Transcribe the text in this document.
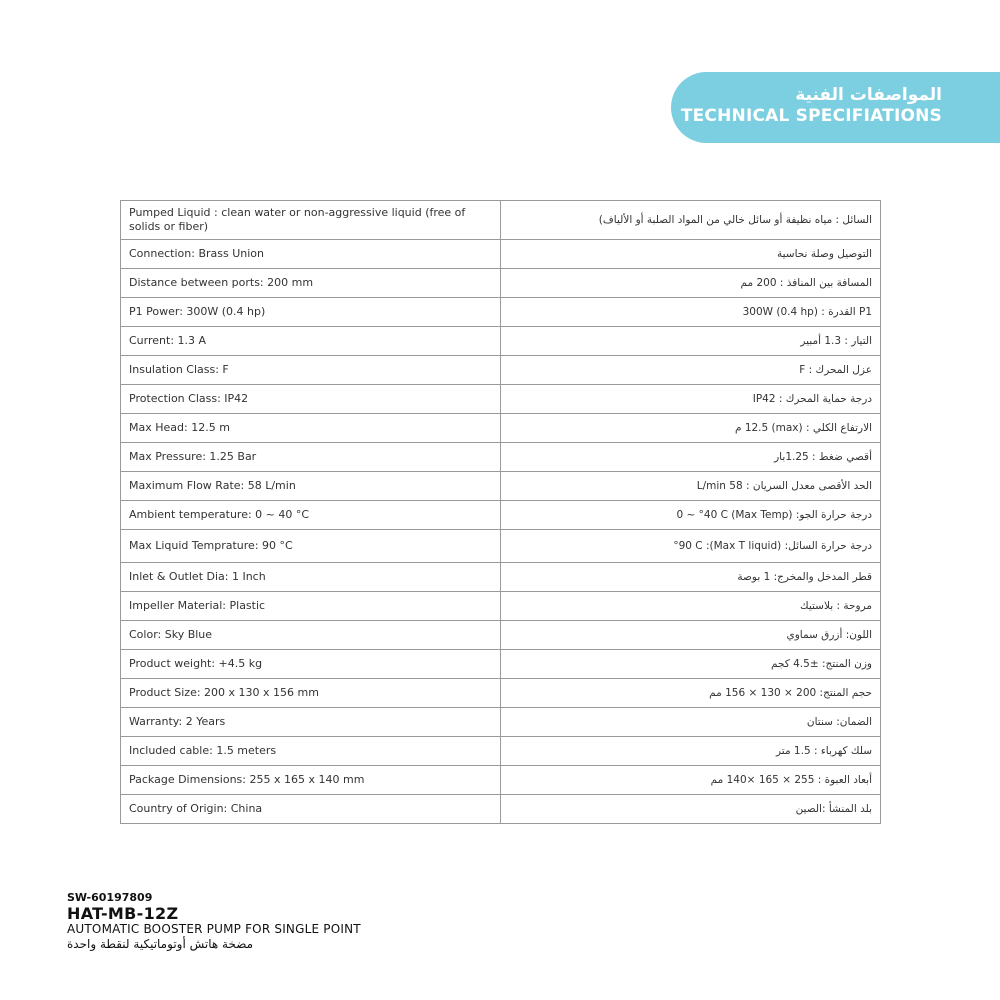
المواصفات الفنية
TECHNICAL SPECIFIATIONS
Pumped Liquid : clean water or non-aggressive liquid (free of solids or fiber)	السائل : مياه نظيفة أو سائل خالي من المواد الصلبة أو الألياف)
Connection: Brass Union	التوصيل وصلة نحاسية
Distance between ports: 200 mm	المسافة بين المنافذ : 200 مم
P1 Power: 300W (0.4 hp)	P1 القدرة : 300W (0.4 hp)
Current: 1.3 A	التيار : 1.3 أمبير
Insulation Class: F	عزل المحرك : F
Protection Class: IP42	درجة حماية المحرك : IP42
Max Head: 12.5 m	الارتفاع الكلي : (max) 12.5 م
Max Pressure: 1.25 Bar	أقصي ضغط : 1.25بار
Maximum Flow Rate: 58 L/min	الحد الأقصى معدل السريان : L/min 58
Ambient temperature: 0 ~ 40 °C	درجة حرارة الجو: (Max Temp) 0 ~ °40 C
Max Liquid Temprature: 90 °C	درجة حرارة السائل: (Max T liquid): °90 C
Inlet & Outlet Dia: 1 Inch	قطر المدخل والمخرج: 1 بوصة
Impeller Material: Plastic	مروحة : بلاستيك
Color: Sky Blue	اللون: أزرق سماوي
Product weight: +4.5 kg	وزن المنتج: ±4.5 كجم
Product Size: 200 x 130 x 156 mm	حجم المنتج: 200 × 130 × 156 مم
Warranty: 2 Years	الضمان: سنتان
Included cable: 1.5 meters	سلك كهرباء : 1.5 متر
Package Dimensions: 255 x 165 x 140 mm	أبعاد العبوة : 255 × 165 ×140 مم
Country of Origin: China	بلد المنشأ :الصين
SW-60197809
HAT-MB-12Z
AUTOMATIC BOOSTER PUMP FOR SINGLE POINT
مضخة هاتش أوتوماتيكية لنقطة واحدة
